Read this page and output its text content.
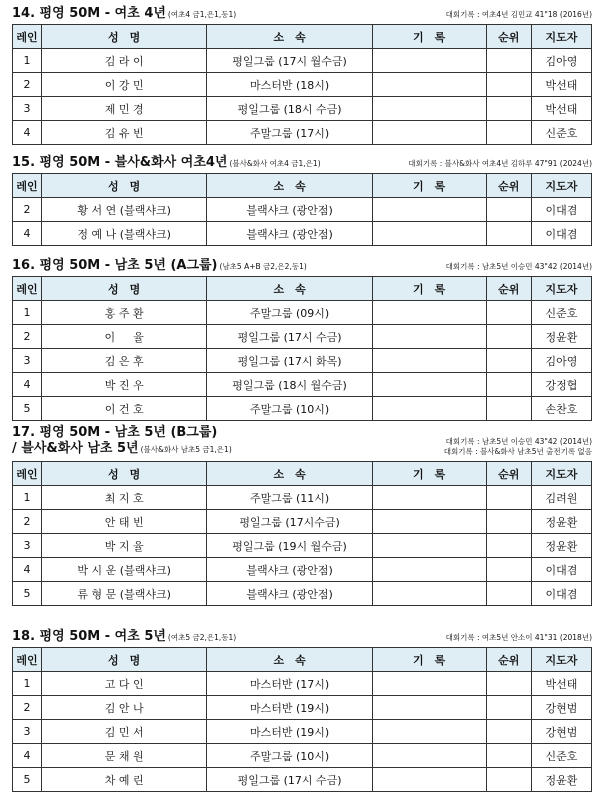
14. 평영 50M - 여초 4년 (여초4 금1,은1,동1)	대회기록 : 여초4년 김민교 41"18 (2016년)
레인	성　명	소　속	기　록	순위	지도자
1	김 라 이	평일그룹 (17시 월수금)			김아영
2	이 강 민	마스터반 (18시)			박선태
3	제 민 경	평일그룹 (18시 수금)			박선태
4	김 유 빈	주말그룹 (17시)			신준호
15. 평영 50M - 블사&화사 여초4년 (블사&화사 여초4 금1,은1)	대회기록 : 블사&화사 여초4년 김하루 47"91 (2024년)
레인	성　명	소　속	기　록	순위	지도자
2	황 서 연 (블랙샤크)	블랙샤크 (광안점)			이대겸
4	정 예 나 (블랙샤크)	블랙샤크 (광안점)			이대겸
16. 평영 50M - 남초 5년 (A그룹) (남초5 A+B 금2,은2,동1)	대회기록 : 남초5년 이승민 43"42 (2014년)
레인	성　명	소　속	기　록	순위	지도자
1	홍 주 환	주말그룹 (09시)			신준호
2	이 　 율	평일그룹 (17시 수금)			정윤환
3	김 은 후	평일그룹 (17시 화목)			김아영
4	박 진 우	평일그룹 (18시 월수금)			강정협
5	이 건 호	주말그룹 (10시)			손찬호
17. 평영 50M - 남초 5년 (B그룹)
/ 블사&화사 남초 5년 (블사&화사 남초5 금1,은1)
대회기록 : 남초5년 이승민 43"42 (2014년)
대회기록 : 블사&화사 남초5년 출전기록 없음
레인	성　명	소　속	기　록	순위	지도자
1	최 지 호	주말그룹 (11시)			김려원
2	안 태 빈	평일그룹 (17시수금)			정윤환
3	박 지 율	평일그룹 (19시 월수금)			정윤환
4	박 시 운 (블랙샤크)	블랙샤크 (광안점)			이대겸
5	류 형 문 (블랙샤크)	블랙샤크 (광안점)			이대겸
18. 평영 50M - 여초 5년 (여초5 금2,은1,동1)	대회기록 : 여초5년 안소이 41"31 (2018년)
레인	성　명	소　속	기　록	순위	지도자
1	고 다 인	마스터반 (17시)			박선태
2	김 안 나	마스터반 (19시)			강현범
3	김 민 서	마스터반 (19시)			강현범
4	문 채 원	주말그룹 (10시)			신준호
5	차 예 린	평일그룹 (17시 수금)			정윤환
